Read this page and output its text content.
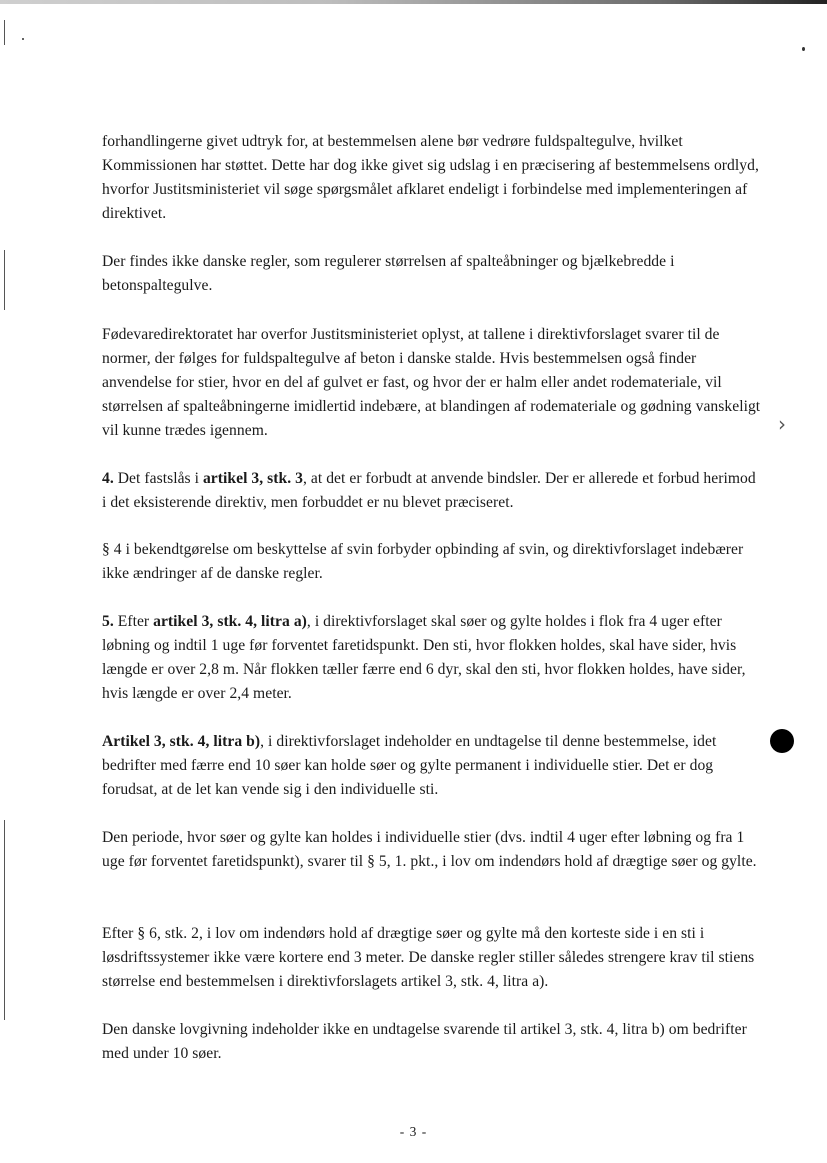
›

forhandlingerne givet udtryk for, at bestemmelsen alene bør vedrøre fuldspaltegulve, hvilket Kommissionen har støttet. Dette har dog ikke givet sig udslag i en præcisering af bestemmelsens ordlyd, hvorfor Justitsministeriet vil søge spørgsmålet afklaret endeligt i forbindelse med implementeringen af direktivet.

Der findes ikke danske regler, som regulerer størrelsen af spalteåbninger og bjælkebredde i betonspaltegulve.

Fødevaredirektoratet har overfor Justitsministeriet oplyst, at tallene i direktivforslaget svarer til de normer, der følges for fuldspaltegulve af beton i danske stalde. Hvis bestemmelsen også finder anvendelse for stier, hvor en del af gulvet er fast, og hvor der er halm eller andet rodemateriale, vil størrelsen af spalteåbningerne imidlertid indebære, at blandingen af rodemateriale og gødning vanskeligt vil kunne trædes igennem.

4. Det fastslås i artikel 3, stk. 3, at det er forbudt at anvende bindsler. Der er allerede et forbud herimod i det eksisterende direktiv, men forbuddet er nu blevet præciseret.

§ 4 i bekendtgørelse om beskyttelse af svin forbyder opbinding af svin, og direktivforslaget indebærer ikke ændringer af de danske regler.

5. Efter artikel 3, stk. 4, litra a), i direktivforslaget skal søer og gylte holdes i flok fra 4 uger efter løbning og indtil 1 uge før forventet faretidspunkt. Den sti, hvor flokken holdes, skal have sider, hvis længde er over 2,8 m. Når flokken tæller færre end 6 dyr, skal den sti, hvor flokken holdes, have sider, hvis længde er over 2,4 meter.

Artikel 3, stk. 4, litra b), i direktivforslaget indeholder en undtagelse til denne bestemmelse, idet bedrifter med færre end 10 søer kan holde søer og gylte permanent i individuelle stier. Det er dog forudsat, at de let kan vende sig i den individuelle sti.

Den periode, hvor søer og gylte kan holdes i individuelle stier (dvs. indtil 4 uger efter løbning og fra 1 uge før forventet faretidspunkt), svarer til § 5, 1. pkt., i lov om indendørs hold af drægtige søer og gylte.

Efter § 6, stk. 2, i lov om indendørs hold af drægtige søer og gylte må den korteste side i en sti i løsdriftssystemer ikke være kortere end 3 meter. De danske regler stiller således strengere krav til stiens størrelse end bestemmelsen i direktivforslagets artikel 3, stk. 4, litra a).

Den danske lovgivning indeholder ikke en undtagelse svarende til artikel 3, stk. 4, litra b) om bedrifter med under 10 søer.

- 3 -
